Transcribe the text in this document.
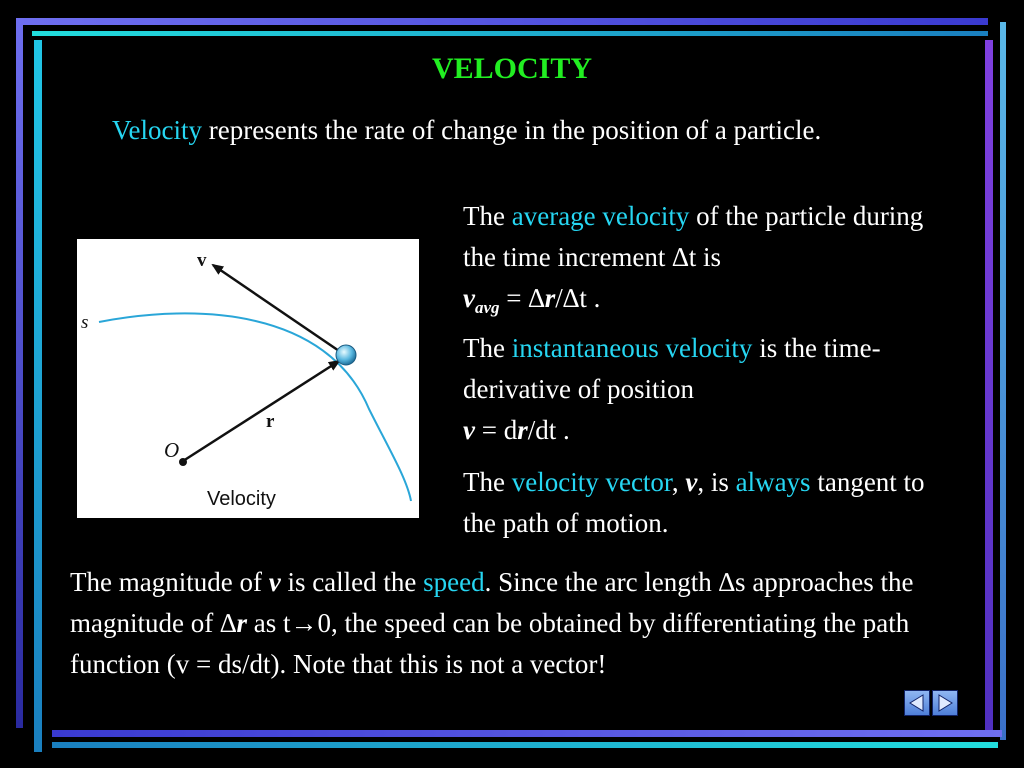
VELOCITY
Velocity represents the rate of change in the position of a particle.
The average velocity of the particle during the time increment ∆t is
$v_{avg} = \Delta r/\Delta t$ .
The instantaneous velocity is the time-derivative of position
v = dr/dt .
The velocity vector, v, is always tangent to the path of motion.
v
s
r
O
Velocity
The magnitude of v is called the speed. Since the arc length ∆s approaches the magnitude of ∆r as t→0, the speed can be obtained by differentiating the path function (v = ds/dt). Note that this is not a vector!
